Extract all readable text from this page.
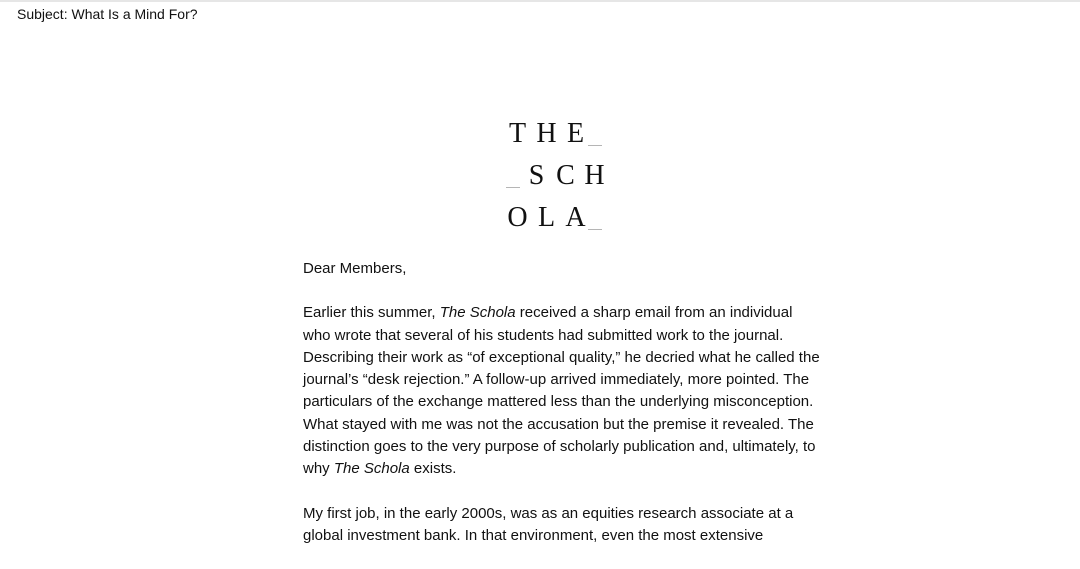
Subject: What Is a Mind For?
T H E
S C H
O L A

Dear Members,

Earlier this summer, The Schola received a sharp email from an individual who wrote that several of his students had submitted work to the journal. Describing their work as “of exceptional quality,” he decried what he called the journal’s “desk rejection.” A follow-up arrived immediately, more pointed. The particulars of the exchange mattered less than the underlying misconception. What stayed with me was not the accusation but the premise it revealed. The distinction goes to the very purpose of scholarly publication and, ultimately, to why The Schola exists.

My first job, in the early 2000s, was as an equities research associate at a global investment bank. In that environment, even the most extensive
